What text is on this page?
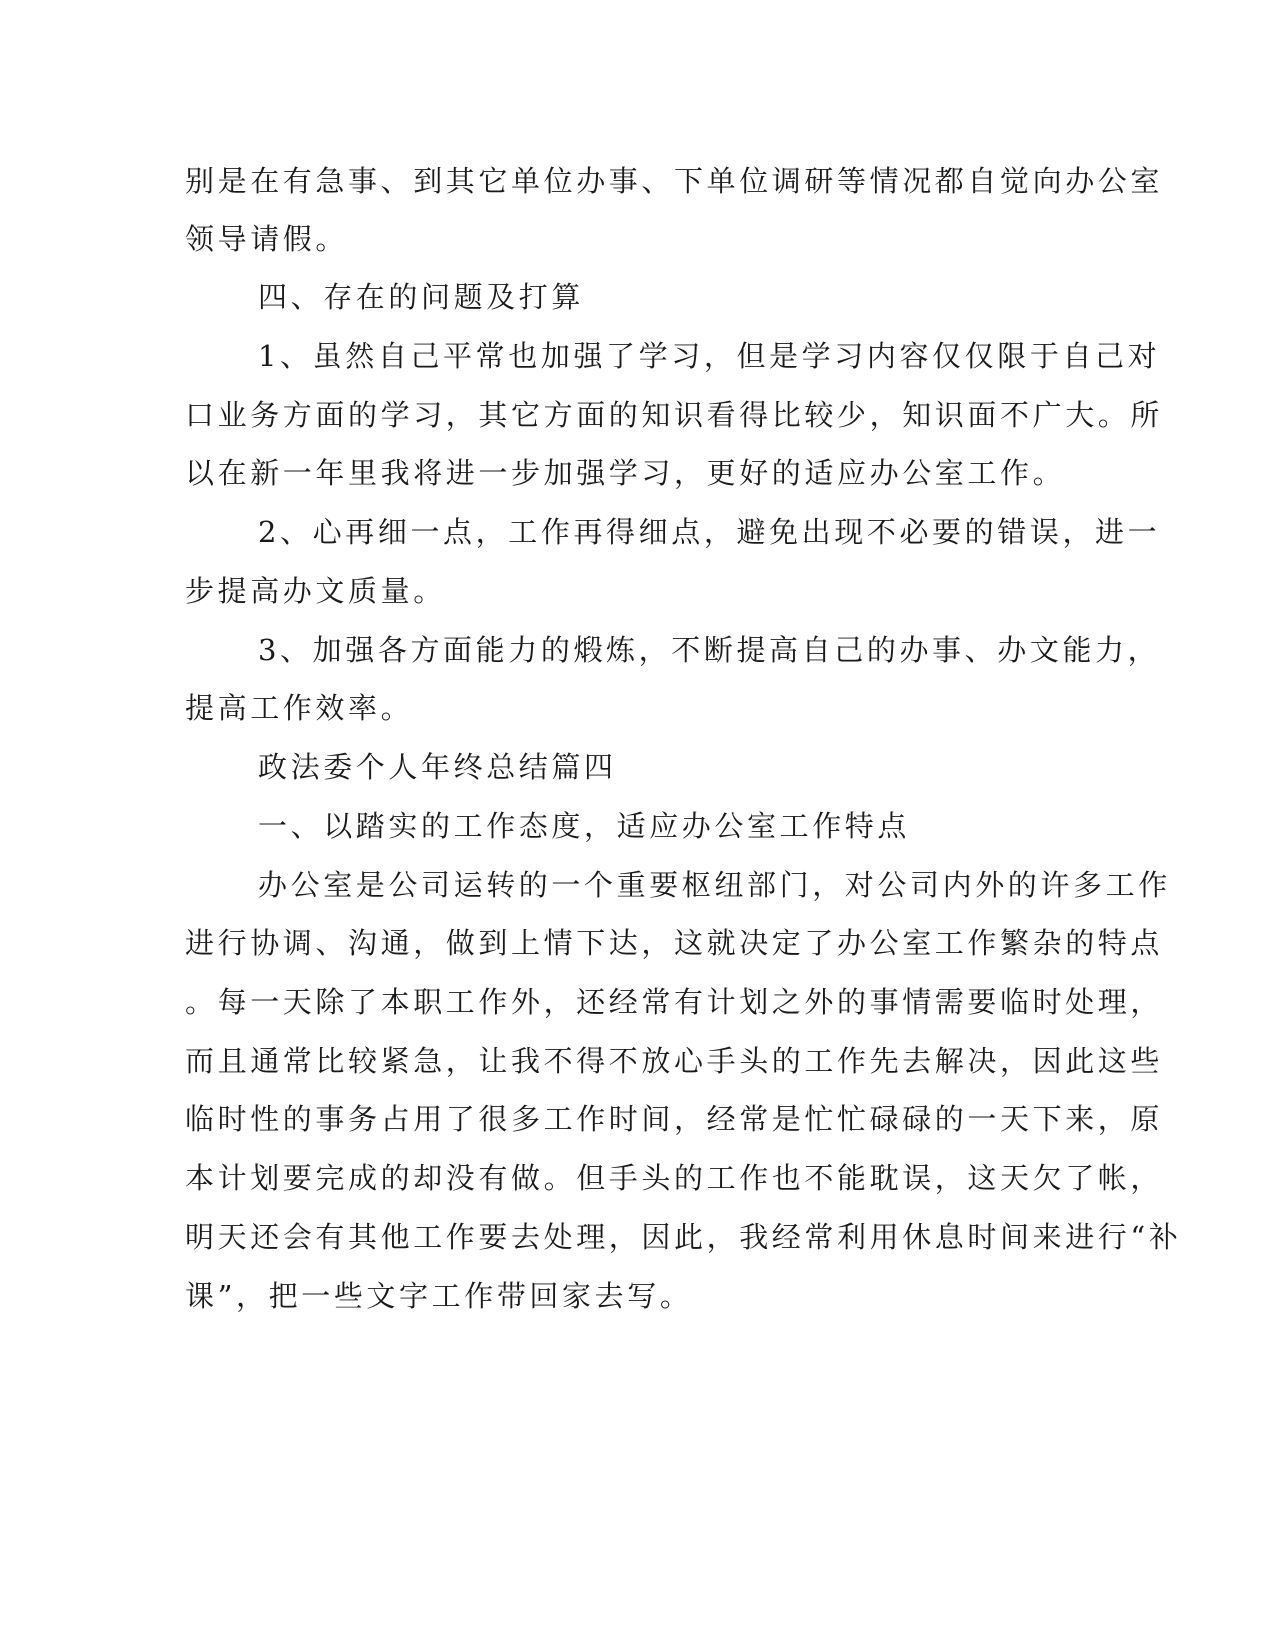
别是在有急事、到其它单位办事、下单位调研等情况都自觉向办公室
领导请假。
四、存在的问题及打算
1、虽然自己平常也加强了学习，但是学习内容仅仅限于自己对
口业务方面的学习，其它方面的知识看得比较少，知识面不广大。所
以在新一年里我将进一步加强学习，更好的适应办公室工作。
2、心再细一点，工作再得细点，避免出现不必要的错误，进一
步提高办文质量。
3、加强各方面能力的煅炼，不断提高自己的办事、办文能力，
提高工作效率。
政法委个人年终总结篇四
一、以踏实的工作态度，适应办公室工作特点
办公室是公司运转的一个重要枢纽部门，对公司内外的许多工作
进行协调、沟通，做到上情下达，这就决定了办公室工作繁杂的特点
。每一天除了本职工作外，还经常有计划之外的事情需要临时处理，
而且通常比较紧急，让我不得不放心手头的工作先去解决，因此这些
临时性的事务占用了很多工作时间，经常是忙忙碌碌的一天下来，原
本计划要完成的却没有做。但手头的工作也不能耽误，这天欠了帐，
明天还会有其他工作要去处理，因此，我经常利用休息时间来进行“补
课”，把一些文字工作带回家去写。
